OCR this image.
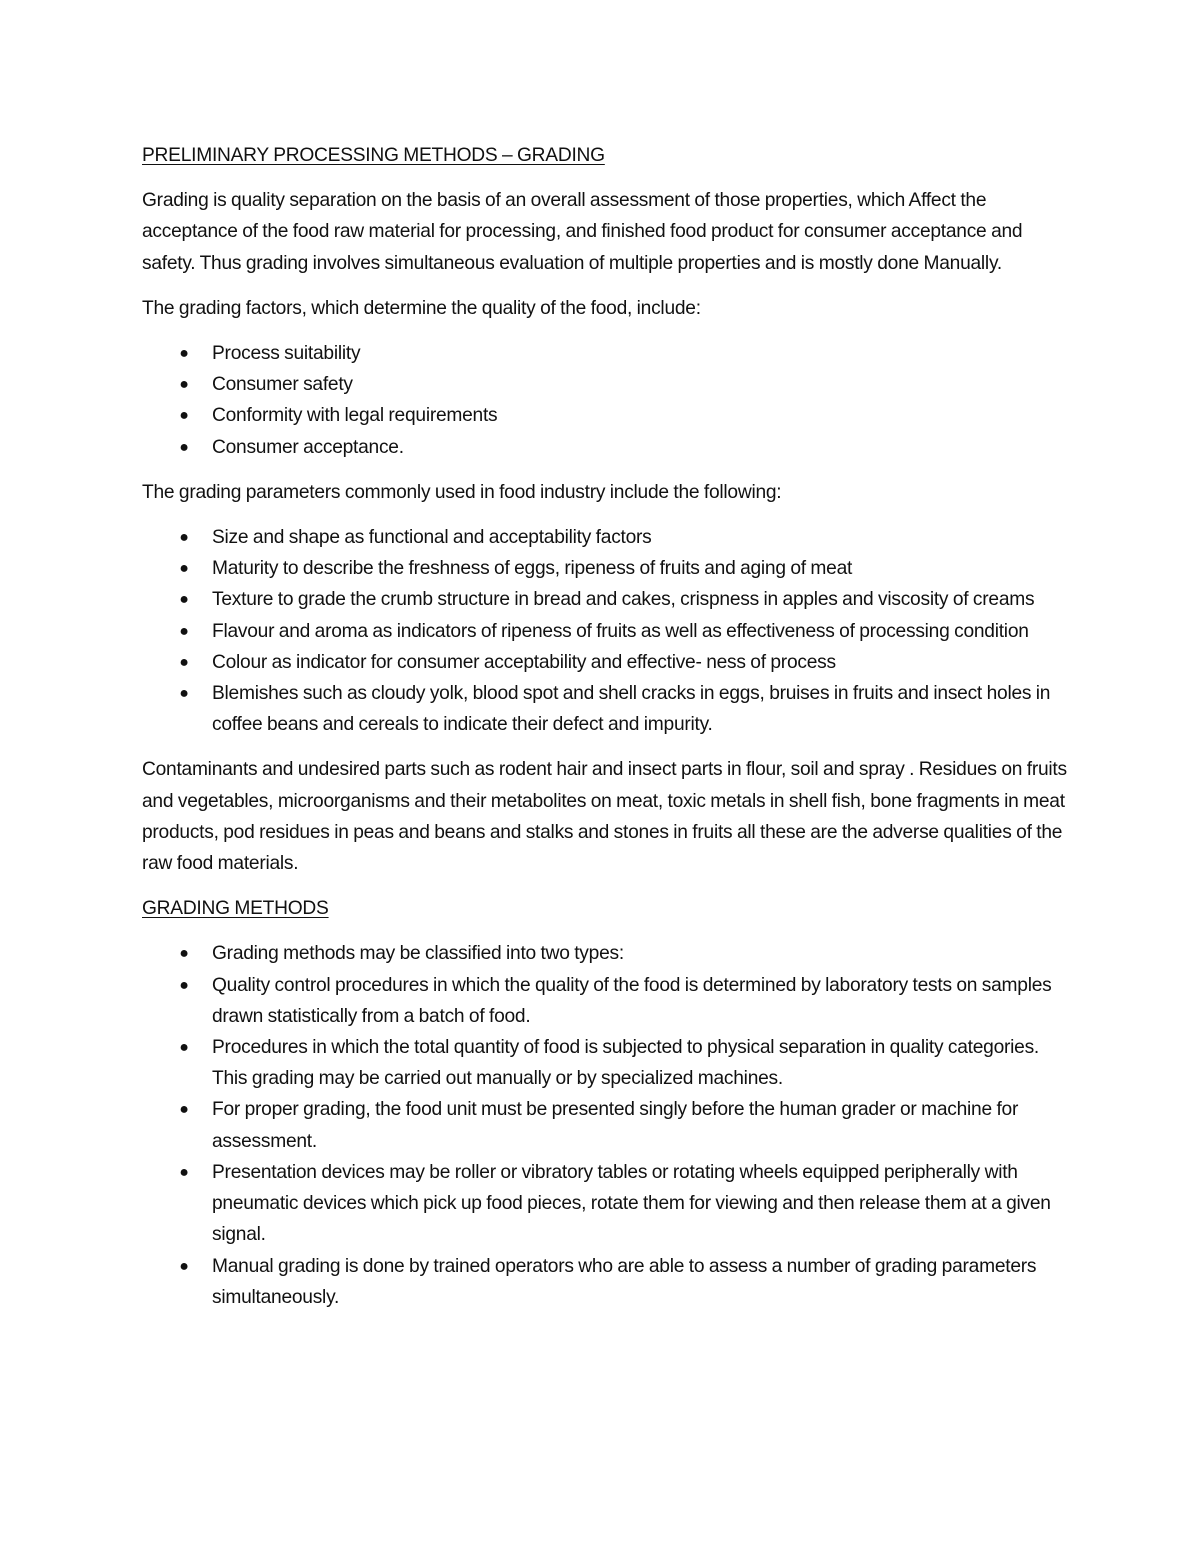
PRELIMINARY PROCESSING METHODS – GRADING

Grading is quality separation on the basis of an overall assessment of those properties, which Affect the acceptance of the food raw material for processing, and finished food product for consumer acceptance and safety. Thus grading involves simultaneous evaluation of multiple properties and is mostly done Manually.

The grading factors, which determine the quality of the food, include:

● Process suitability
● Consumer safety
● Conformity with legal requirements
● Consumer acceptance.

The grading parameters commonly used in food industry include the following:

● Size and shape as functional and acceptability factors
● Maturity to describe the freshness of eggs, ripeness of fruits and aging of meat
● Texture to grade the crumb structure in bread and cakes, crispness in apples and viscosity of creams
● Flavour and aroma as indicators of ripeness of fruits as well as effectiveness of processing condition
● Colour as indicator for consumer acceptability and effective- ness of process
● Blemishes such as cloudy yolk, blood spot and shell cracks in eggs, bruises in fruits and insect holes in coffee beans and cereals to indicate their defect and impurity.

Contaminants and undesired parts such as rodent hair and insect parts in flour, soil and spray . Residues on fruits and vegetables, microorganisms and their metabolites on meat, toxic metals in shell fish, bone fragments in meat products, pod residues in peas and beans and stalks and stones in fruits all these are the adverse qualities of the raw food materials.

GRADING METHODS
● Grading methods may be classified into two types:
● Quality control procedures in which the quality of the food is determined by laboratory tests on samples drawn statistically from a batch of food.
● Procedures in which the total quantity of food is subjected to physical separation in quality categories. This grading may be carried out manually or by specialized machines.
● For proper grading, the food unit must be presented singly before the human grader or machine for assessment.
● Presentation devices may be roller or vibratory tables or rotating wheels equipped peripherally with pneumatic devices which pick up food pieces, rotate them for viewing and then release them at a given signal.
● Manual grading is done by trained operators who are able to assess a number of grading parameters simultaneously.
